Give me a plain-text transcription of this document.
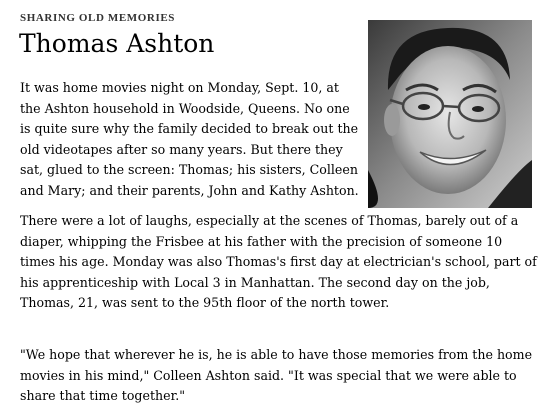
SHARING OLD MEMORIES
Thomas Ashton

It was home movies night on Monday, Sept. 10, at the Ashton household in Woodside, Queens. No one is quite sure why the family decided to break out the old videotapes after so many years. But there they sat, glued to the screen: Thomas; his sisters, Colleen and Mary; and their parents, John and Kathy Ashton.

There were a lot of laughs, especially at the scenes of Thomas, barely out of a diaper, whipping the Frisbee at his father with the precision of someone 10 times his age. Monday was also Thomas's first day at electrician's school, part of his apprenticeship with Local 3 in Manhattan. The second day on the job, Thomas, 21, was sent to the 95th floor of the north tower.

"We hope that wherever he is, he is able to have those memories from the home movies in his mind," Colleen Ashton said. "It was special that we were able to share that time together."
